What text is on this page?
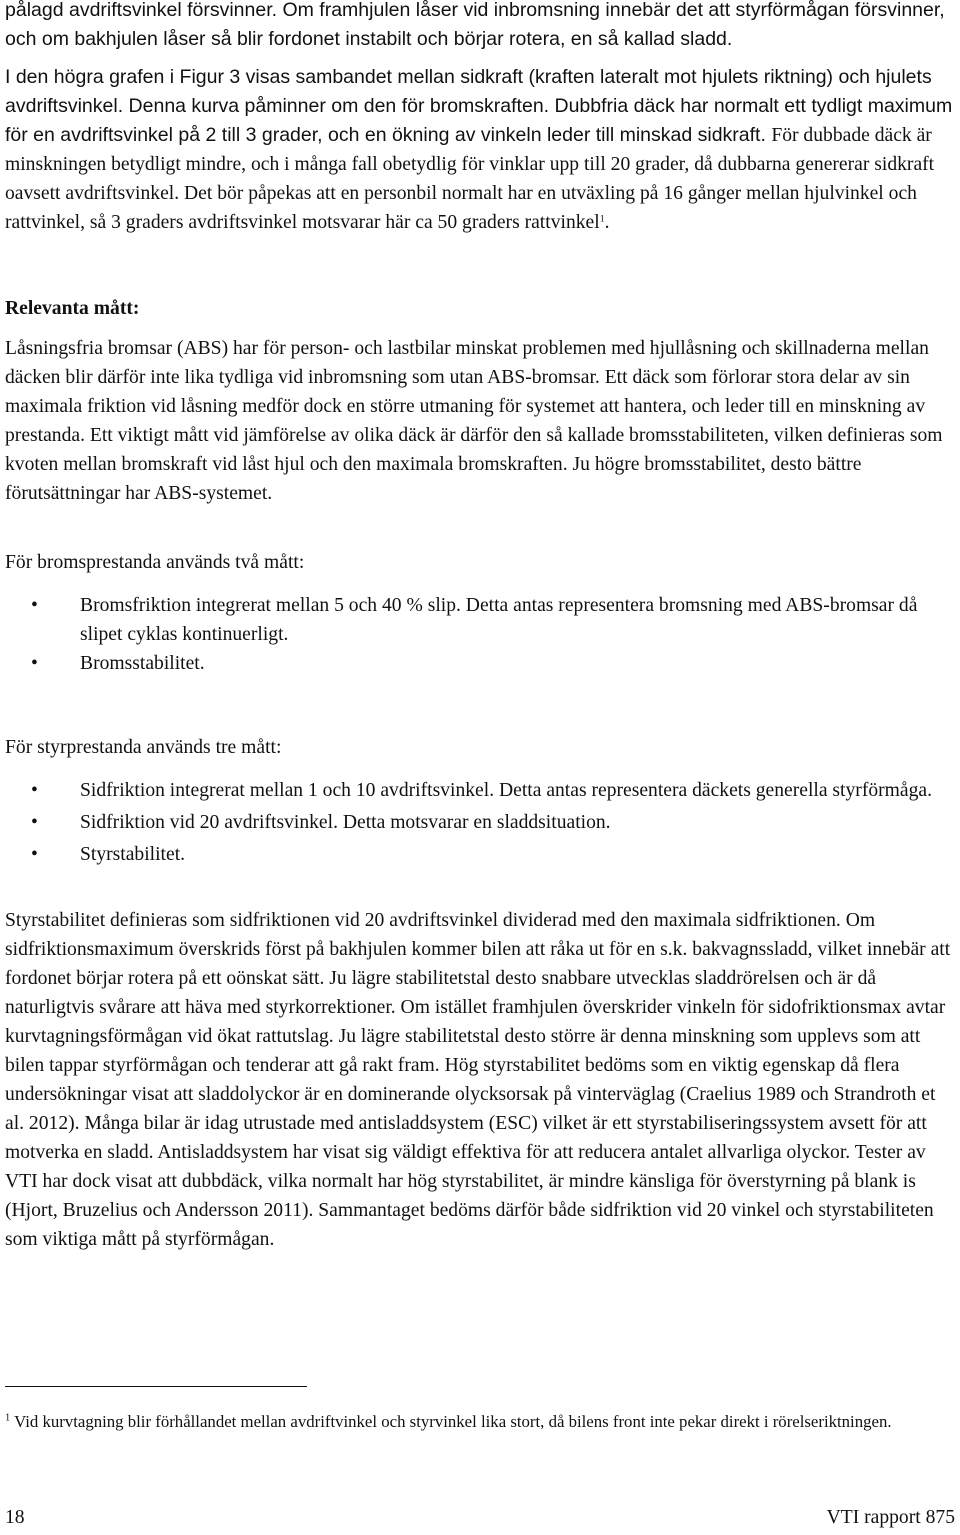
pålagd avdriftsvinkel försvinner. Om framhjulen låser vid inbromsning innebär det att styrförmågan försvinner, och om bakhjulen låser så blir fordonet instabilt och börjar rotera, en så kallad sladd.

I den högra grafen i Figur 3 visas sambandet mellan sidkraft (kraften lateralt mot hjulets riktning) och hjulets avdriftsvinkel. Denna kurva påminner om den för bromskraften. Dubbfria däck har normalt ett tydligt maximum för en avdriftsvinkel på 2 till 3 grader, och en ökning av vinkeln leder till minskad sidkraft. För dubbade däck är minskningen betydligt mindre, och i många fall obetydlig för vinklar upp till 20 grader, då dubbarna genererar sidkraft oavsett avdriftsvinkel. Det bör påpekas att en personbil normalt har en utväxling på 16 gånger mellan hjulvinkel och rattvinkel, så 3 graders avdriftsvinkel motsvarar här ca 50 graders rattvinkel$^1$.

Relevanta mått:

Låsningsfria bromsar (ABS) har för person- och lastbilar minskat problemen med hjullåsning och skillnaderna mellan däcken blir därför inte lika tydliga vid inbromsning som utan ABS-bromsar. Ett däck som förlorar stora delar av sin maximala friktion vid låsning medför dock en större utmaning för systemet att hantera, och leder till en minskning av prestanda. Ett viktigt mått vid jämförelse av olika däck är därför den så kallade bromsstabiliteten, vilken definieras som kvoten mellan bromskraft vid låst hjul och den maximala bromskraften. Ju högre bromsstabilitet, desto bättre förutsättningar har ABS-systemet.

För bromsprestanda används två mått:

• Bromsfriktion integrerat mellan 5 och 40 % slip. Detta antas representera bromsning med ABS-bromsar då slipet cyklas kontinuerligt.
• Bromsstabilitet.

För styrprestanda används tre mått:

• Sidfriktion integrerat mellan 1 och 10 avdriftsvinkel. Detta antas representera däckets generella styrförmåga.
• Sidfriktion vid 20 avdriftsvinkel. Detta motsvarar en sladdsituation.
• Styrstabilitet.

Styrstabilitet definieras som sidfriktionen vid 20 avdriftsvinkel dividerad med den maximala sidfriktionen. Om sidfriktionsmaximum överskrids först på bakhjulen kommer bilen att råka ut för en s.k. bakvagnssladd, vilket innebär att fordonet börjar rotera på ett oönskat sätt. Ju lägre stabilitetstal desto snabbare utvecklas sladdrörelsen och är då naturligtvis svårare att häva med styrkorrektioner. Om istället framhjulen överskrider vinkeln för sidofriktionsmax avtar kurvtagningsförmågan vid ökat rattutslag. Ju lägre stabilitetstal desto större är denna minskning som upplevs som att bilen tappar styrförmågan och tenderar att gå rakt fram. Hög styrstabilitet bedöms som en viktig egenskap då flera undersökningar visat att sladdolyckor är en dominerande olycksorsak på vinterväglag (Craelius 1989 och Strandroth et al. 2012). Många bilar är idag utrustade med antisladdsystem (ESC) vilket är ett styrstabiliseringssystem avsett för att motverka en sladd. Antisladdsystem har visat sig väldigt effektiva för att reducera antalet allvarliga olyckor. Tester av VTI har dock visat att dubbdäck, vilka normalt har hög styrstabilitet, är mindre känsliga för överstyrning på blank is (Hjort, Bruzelius och Andersson 2011). Sammantaget bedöms därför både sidfriktion vid 20 vinkel och styrstabiliteten som viktiga mått på styrförmågan.

$^1$ Vid kurvtagning blir förhållandet mellan avdriftvinkel och styrvinkel lika stort, då bilens front inte pekar direkt i rörelseriktningen.

18	VTI rapport 875
